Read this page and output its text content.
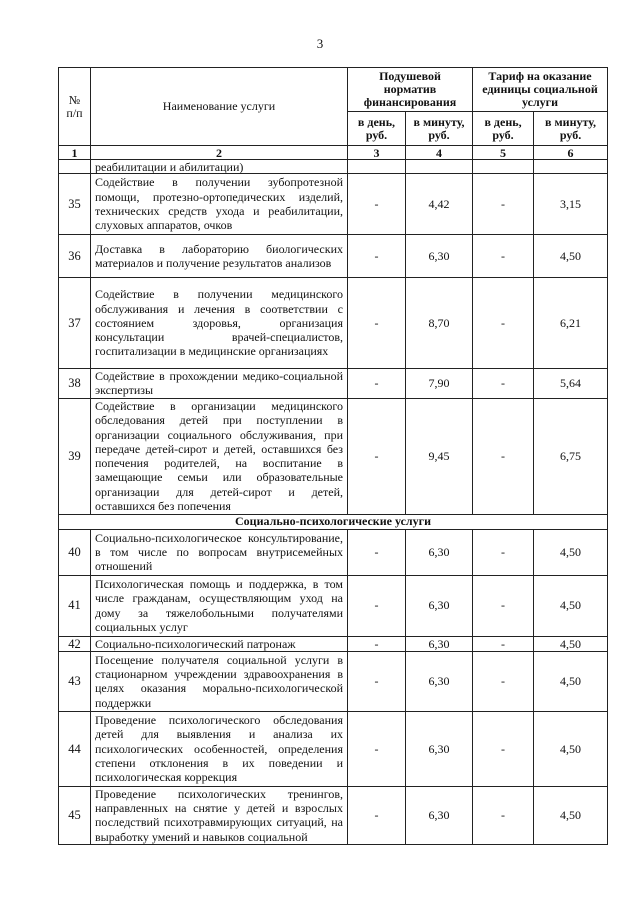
3
№ п/п	Наименование услуги	Подушевой норматив финансирования		Тариф на оказание единицы социальной услуги	
		в день, руб.	в минуту, руб.	в день, руб.	в минуту, руб.
1	2	3	4	5	6
	реабилитации и абилитации)				
35	Содействие в получении зубопротезной помощи, протезно-ортопедических изделий, технических средств ухода и реабилитации, слуховых аппаратов, очков	-	4,42	-	3,15
36	Доставка в лабораторию биологических материалов и получение результатов анализов	-	6,30	-	4,50
37	Содействие в получении медицинского обслуживания и лечения в соответствии с состоянием здоровья, организация консультации врачей-специалистов, госпитализации в медицинские организациях	-	8,70	-	6,21
38	Содействие в прохождении медико-социальной экспертизы	-	7,90	-	5,64
39	Содействие в организации медицинского обследования детей при поступлении в организации социального обслуживания, при передаче детей-сирот и детей, оставшихся без попечения родителей, на воспитание в замещающие семьи или образовательные организации для детей-сирот и детей, оставшихся без попечения	-	9,45	-	6,75
Социально-психологические услуги					
40	Социально-психологическое консультирование, в том числе по вопросам внутрисемейных отношений	-	6,30	-	4,50
41	Психологическая помощь и поддержка, в том числе гражданам, осуществляющим уход на дому за тяжелобольными получателями социальных услуг	-	6,30	-	4,50
42	Социально-психологический патронаж	-	6,30	-	4,50
43	Посещение получателя социальной услуги в стационарном учреждении здравоохранения в целях оказания морально-психологической поддержки	-	6,30	-	4,50
44	Проведение психологического обследования детей для выявления и анализа их психологических особенностей, определения степени отклонения в их поведении и психологическая коррекция	-	6,30	-	4,50
45	Проведение психологических тренингов, направленных на снятие у детей и взрослых последствий психотравмирующих ситуаций, на выработку умений и навыков социальной	-	6,30	-	4,50
